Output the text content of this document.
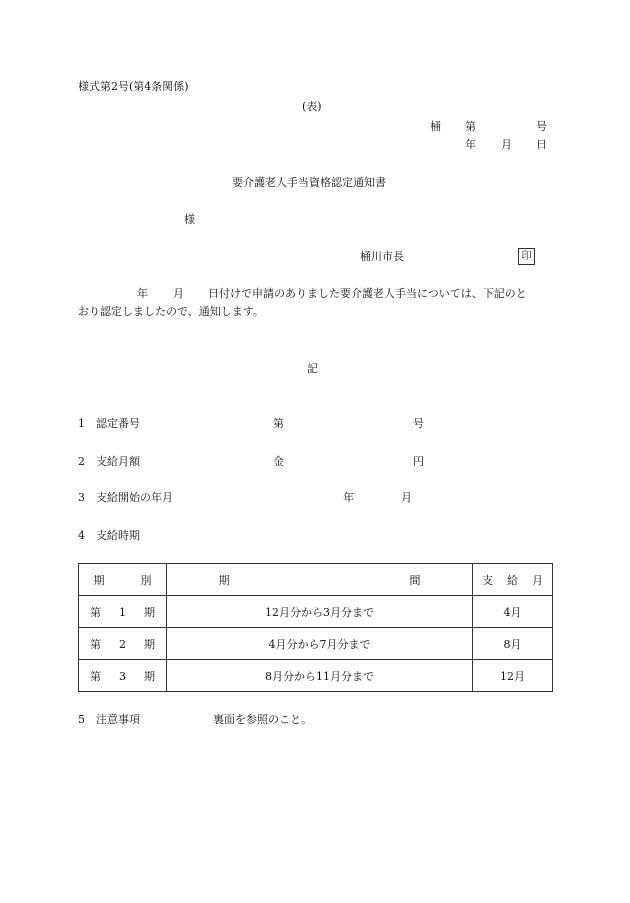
様式第2号(第4条関係)
(表)
桶 第	号
年 月 日
要介護老人手当資格認定通知書
様
桶川市長	印
年 月 日付けで申請のありました要介護老人手当については、下記のと
おり認定しましたので、通知します。
記
1 認定番号	第	号
2 支給月額	金	円
3 支給開始の年月	年	月
4 支給時期
期 別	期 間	支 給 月
第 1 期	12月分から3月分まで	4月
第 2 期	4月分から7月分まで	8月
第 3 期	8月分から11月分まで	12月
5 注意事項	裏面を参照のこと。
